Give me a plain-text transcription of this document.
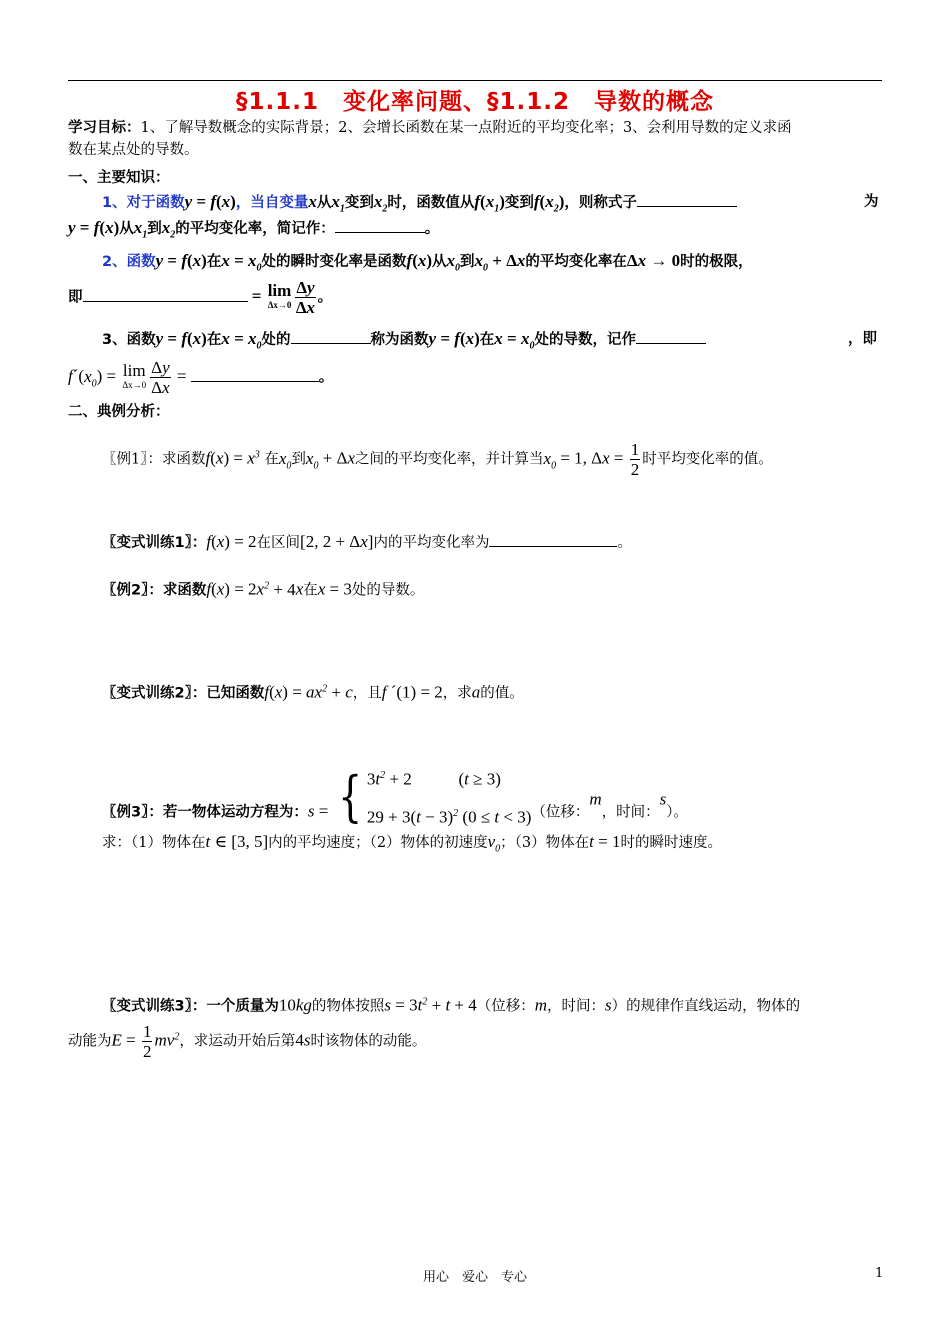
§1.1.1　变化率问题、§1.1.2　导数的概念
学习目标：1、了解导数概念的实际背景；2、会增长函数在某一点附近的平均变化率；3、会利用导数的定义求函
数在某点处的导数。
一、主要知识：
1、对于函数y = f(x)，当自变量x从$x_1$变到$x_2$时，函数值从$f(x_1)$变到$f(x_2)$，则称式子	为
y = f(x)从$x_1$到$x_2$的平均变化率，简记作：	。
2、函数y = f(x)在$x = x_0$处的瞬时变化率是函数f(x)从$x_0$到$x_0 + \Delta x$的平均变化率在Δx → 0时的极限，
即	= lim
$\Delta x\to 0 \frac{\Delta y}{\Delta x}$ 。
3、函数y = f(x)在$x = x_0$处的	称为函数y = f(x)在$x = x_0$处的导数，记作	，即
$f´(x_0) = \lim$
$\Delta x\to 0 \frac{\Delta y}{\Delta x}$ =	。
二、典例分析：
〖例1〗：求函数$f(x) = x^3$ 在$x_0$到$x_0 + \Delta x$之间的平均变化率，并计算当$x_0 = 1$, $\Delta x = \frac{1}{2}$ 时平均变化率的值。
〖变式训练1〗：f(x) = 2在区间[2, 2 + Δx]内的平均变化率为	。
〖例2〗：求函数$f(x) = 2x^2 + 4x$在x = 3处的导数。
〖变式训练2〗：已知函数$f(x) = ax^2 + c$，且f ´(1) = 2，求a的值。
〖例3〗：若一物体运动方程为：s = { $3t^2 + 2$           (t ≥ 3)
$29 + 3(t - 3)^2$ (0 ≤ t < 3) （位移：m，时间：s）。
求：（1）物体在t ∈ [3, 5]内的平均速度；（2）物体的初速度$v_0$；（3）物体在t = 1时的瞬时速度。
〖变式训练3〗：一个质量为10kg的物体按照$s = 3t^2 + t + 4$（位移：m，时间：s）的规律作直线运动，物体的
动能为$E = \frac{1}{2} mv^2$，求运动开始后第4s时该物体的动能。
用心　爱心　专心	1
